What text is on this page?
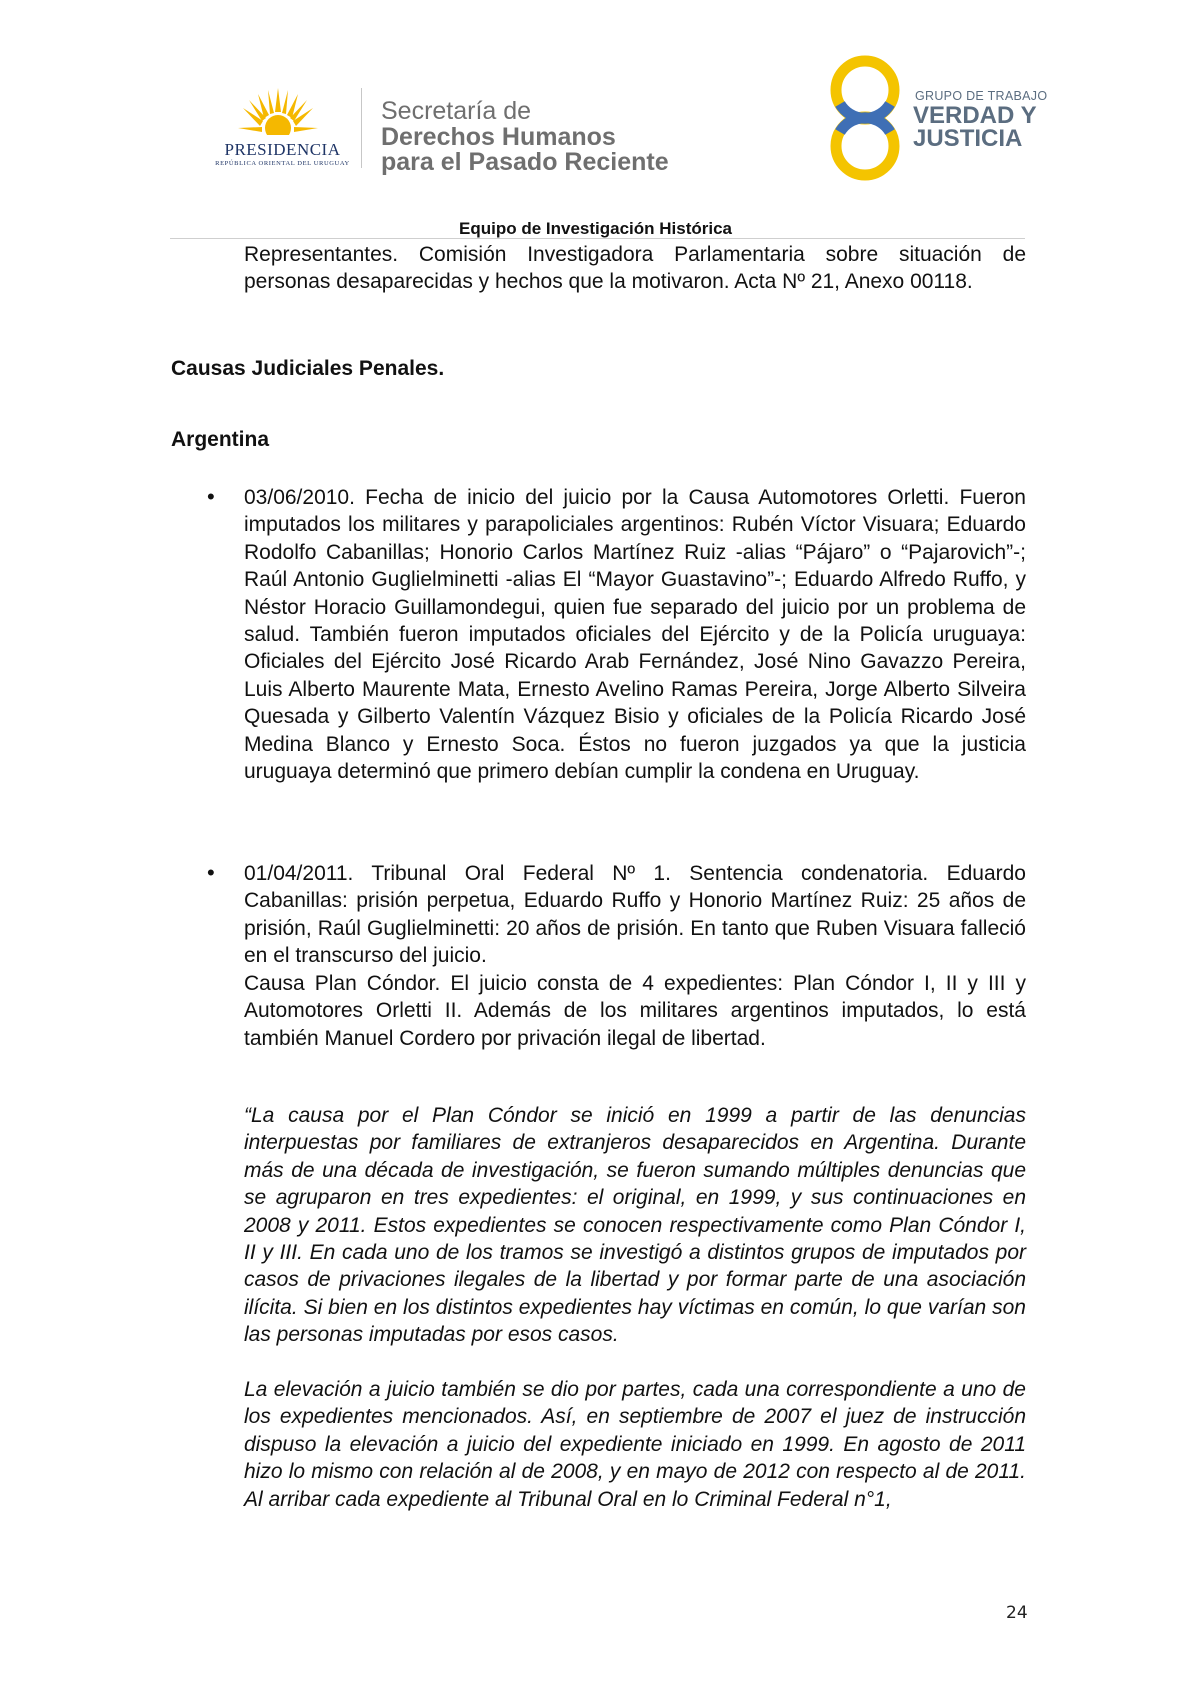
PRESIDENCIA
REPÚBLICA ORIENTAL DEL URUGUAY
Secretaría de
Derechos Humanos
para el Pasado Reciente
GRUPO DE TRABAJO
VERDAD Y
JUSTICIA
Equipo de Investigación Histórica

Representantes. Comisión Investigadora Parlamentaria sobre situación de personas desaparecidas y hechos que la motivaron. Acta Nº 21, Anexo 00118.

Causas Judiciales Penales.

Argentina

• 03/06/2010. Fecha de inicio del juicio por la Causa Automotores Orletti. Fueron imputados los militares y parapoliciales argentinos: Rubén Víctor Visuara; Eduardo Rodolfo Cabanillas; Honorio Carlos Martínez Ruiz -alias “Pájaro” o “Pajarovich”-; Raúl Antonio Guglielminetti -alias El “Mayor Guastavino”-; Eduardo Alfredo Ruffo, y Néstor Horacio Guillamondegui, quien fue separado del juicio por un problema de salud. También fueron imputados oficiales del Ejército y de la Policía uruguaya: Oficiales del Ejército José Ricardo Arab Fernández, José Nino Gavazzo Pereira, Luis Alberto Maurente Mata, Ernesto Avelino Ramas Pereira, Jorge Alberto Silveira Quesada y Gilberto Valentín Vázquez Bisio y oficiales de la Policía Ricardo José Medina Blanco y Ernesto Soca. Éstos no fueron juzgados ya que la justicia uruguaya determinó que primero debían cumplir la condena en Uruguay.

• 01/04/2011. Tribunal Oral Federal Nº 1. Sentencia condenatoria. Eduardo Cabanillas: prisión perpetua, Eduardo Ruffo y Honorio Martínez Ruiz: 25 años de prisión, Raúl Guglielminetti: 20 años de prisión. En tanto que Ruben Visuara falleció en el transcurso del juicio.

Causa Plan Cóndor. El juicio consta de 4 expedientes: Plan Cóndor I, II y III y Automotores Orletti II. Además de los militares argentinos imputados, lo está también Manuel Cordero por privación ilegal de libertad.

“La causa por el Plan Cóndor se inició en 1999 a partir de las denuncias interpuestas por familiares de extranjeros desaparecidos en Argentina. Durante más de una década de investigación, se fueron sumando múltiples denuncias que se agruparon en tres expedientes: el original, en 1999, y sus continuaciones en 2008 y 2011. Estos expedientes se conocen respectivamente como Plan Cóndor I, II y III. En cada uno de los tramos se investigó a distintos grupos de imputados por casos de privaciones ilegales de la libertad y por formar parte de una asociación ilícita. Si bien en los distintos expedientes hay víctimas en común, lo que varían son las personas imputadas por esos casos.

La elevación a juicio también se dio por partes, cada una correspondiente a uno de los expedientes mencionados. Así, en septiembre de 2007 el juez de instrucción dispuso la elevación a juicio del expediente iniciado en 1999. En agosto de 2011 hizo lo mismo con relación al de 2008, y en mayo de 2012 con respecto al de 2011. Al arribar cada expediente al Tribunal Oral en lo Criminal Federal n°1,

24
